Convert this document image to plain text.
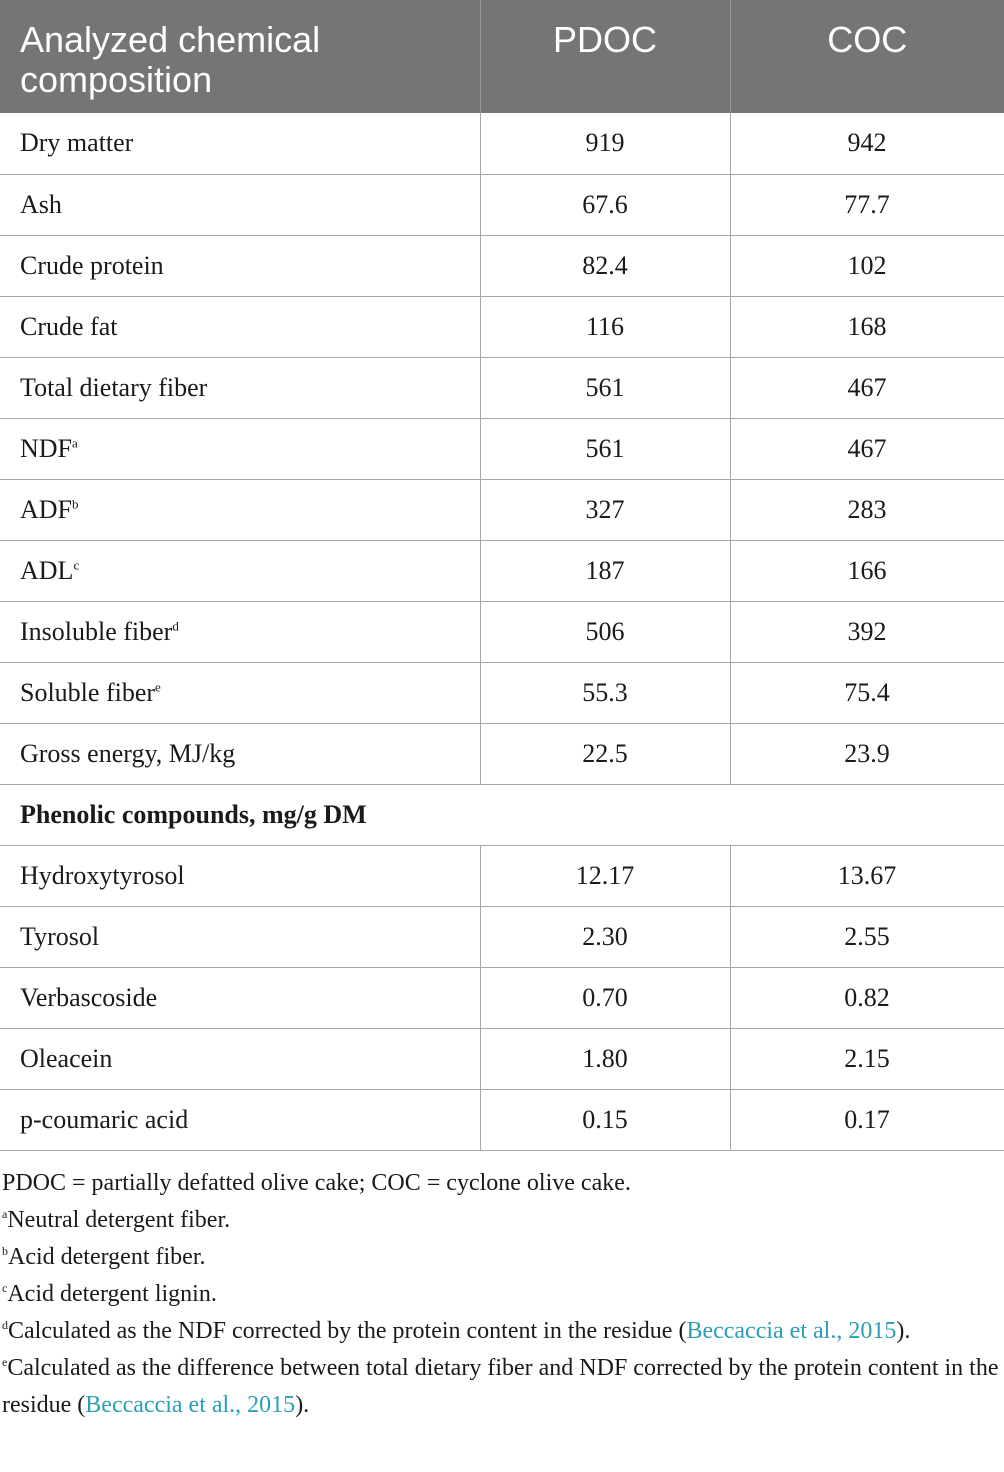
Analyzed chemical composition	PDOC	COC
Dry matter	919	942
Ash	67.6	77.7
Crude protein	82.4	102
Crude fat	116	168
Total dietary fiber	561	467
NDF$^a$	561	467
ADF$^b$	327	283
ADL$^c$	187	166
Insoluble fiber$^d$	506	392
Soluble fiber$^e$	55.3	75.4
Gross energy, MJ/kg	22.5	23.9
Phenolic compounds, mg/g DM		
Hydroxytyrosol	12.17	13.67
Tyrosol	2.30	2.55
Verbascoside	0.70	0.82
Oleacein	1.80	2.15
p-coumaric acid	0.15	0.17

PDOC = partially defatted olive cake; COC = cyclone olive cake.

$^a$Neutral detergent fiber.

$^b$Acid detergent fiber.

$^c$Acid detergent lignin.

$^d$Calculated as the NDF corrected by the protein content in the residue (Beccaccia et al., 2015).

$^e$Calculated as the difference between total dietary fiber and NDF corrected by the protein content in the residue (Beccaccia et al., 2015).
